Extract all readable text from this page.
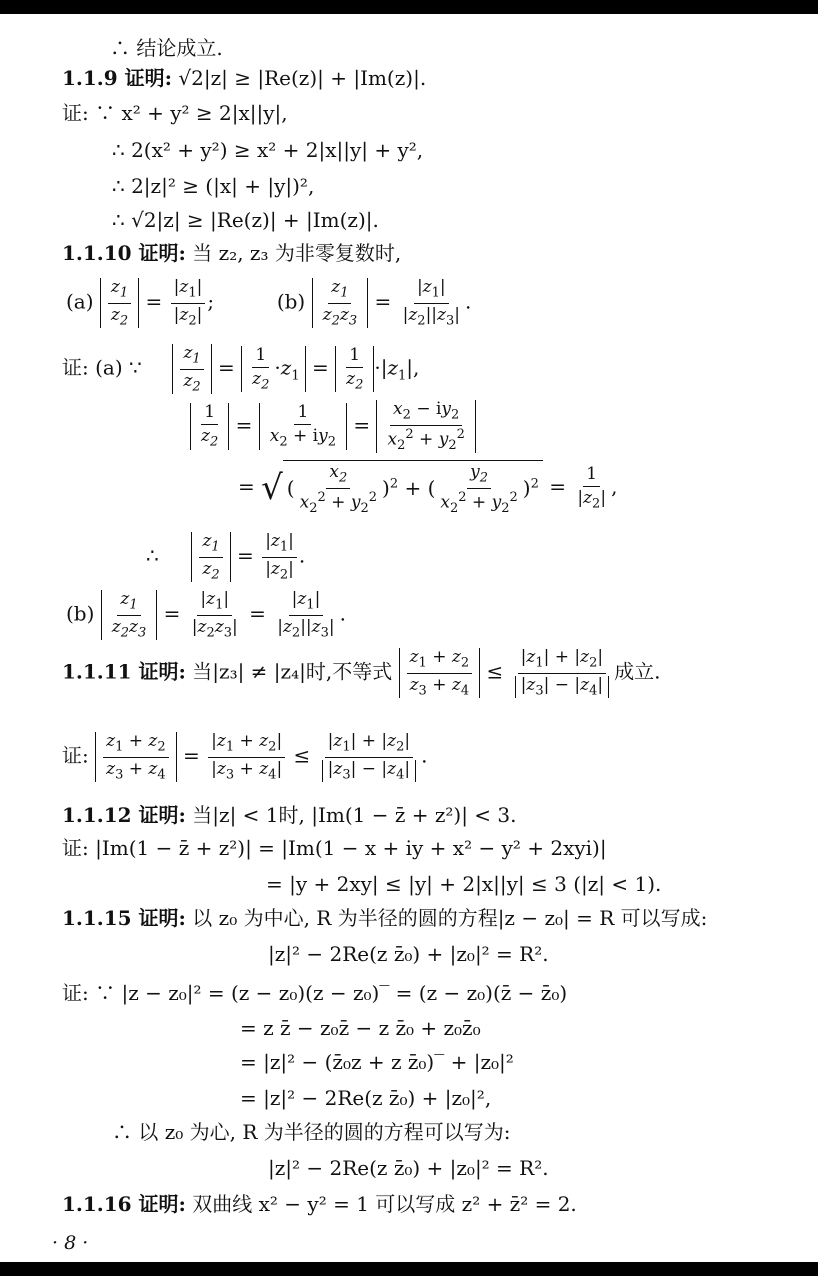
∴ 结论成立.
1.1.9 证明: √2|z| ≥ |Re(z)| + |Im(z)|.
证: ∵ x² + y² ≥ 2|x||y|,
∴ 2(x² + y²) ≥ x² + 2|x||y| + y²,
∴ 2|z|² ≥ (|x| + |y|)²,
∴ √2|z| ≥ |Re(z)| + |Im(z)|.
1.1.10 证明: 当 z₂, z₃ 为非零复数时,
$(a) \frac{z_1}{z_2} = \frac{|z_1|}{|z_2|}$ ;	$(b) \frac{z_1}{z_2z_3} = \frac{|z_1|}{|z_2||z_3|}$ .
证: (a) ∵ $\frac{z_1}{z_2} = \frac{1}{z_2} \cdot z_1 = \frac{1}{z_2} \cdot|z_1|$,
$\frac{1}{z_2} = \frac{1}{x_2 + iy_2} = \frac{x_2 - iy_2}{x_2^2 + y_2^2}$
= √ ( $\frac{x_2}{x_2^2 + y_2^2} )^2$ + ( $\frac{y_2}{x_2^2 + y_2^2} )^2 = \frac{1}{|z_2|}$ ,
∴ $\frac{z_1}{z_2} = \frac{|z_1|}{|z_2|}$ .
$(b) \frac{z_1}{z_2z_3} = \frac{|z_1|}{|z_2z_3|} = \frac{|z_1|}{|z_2||z_3|}$ .
1.1.11 证明: 当|z₃| ≠ |z₄|时,不等式 $\frac{z_1 + z_2}{z_3 + z_4} \le \frac{|z_1| + |z_2|}{|z_3| - |z_4|}$ 成立.
证: $\frac{z_1 + z_2}{z_3 + z_4} = \frac{|z_1 + z_2|}{|z_3 + z_4|} \le \frac{|z_1| + |z_2|}{|z_3| - |z_4|}$ .
1.1.12 证明: 当|z| < 1时, |Im(1 − z̄ + z²)| < 3.
证: |Im(1 − z̄ + z²)| = |Im(1 − x + iy + x² − y² + 2xyi)|
= |y + 2xy| ≤ |y| + 2|x||y| ≤ 3 (|z| < 1).
1.1.15 证明: 以 z₀ 为中心, R 为半径的圆的方程|z − z₀| = R 可以写成:
|z|² − 2Re(z z̄₀) + |z₀|² = R².
证: ∵ |z − z₀|² = (z − z₀)(z − z₀)‾ = (z − z₀)(z̄ − z̄₀)
= z z̄ − z₀z̄ − z z̄₀ + z₀z̄₀
= |z|² − (z̄₀z + z z̄₀)‾ + |z₀|²
= |z|² − 2Re(z z̄₀) + |z₀|²,
∴ 以 z₀ 为心, R 为半径的圆的方程可以写为:
|z|² − 2Re(z z̄₀) + |z₀|² = R².
1.1.16 证明: 双曲线 x² − y² = 1 可以写成 z² + z̄² = 2.
· 8 ·
